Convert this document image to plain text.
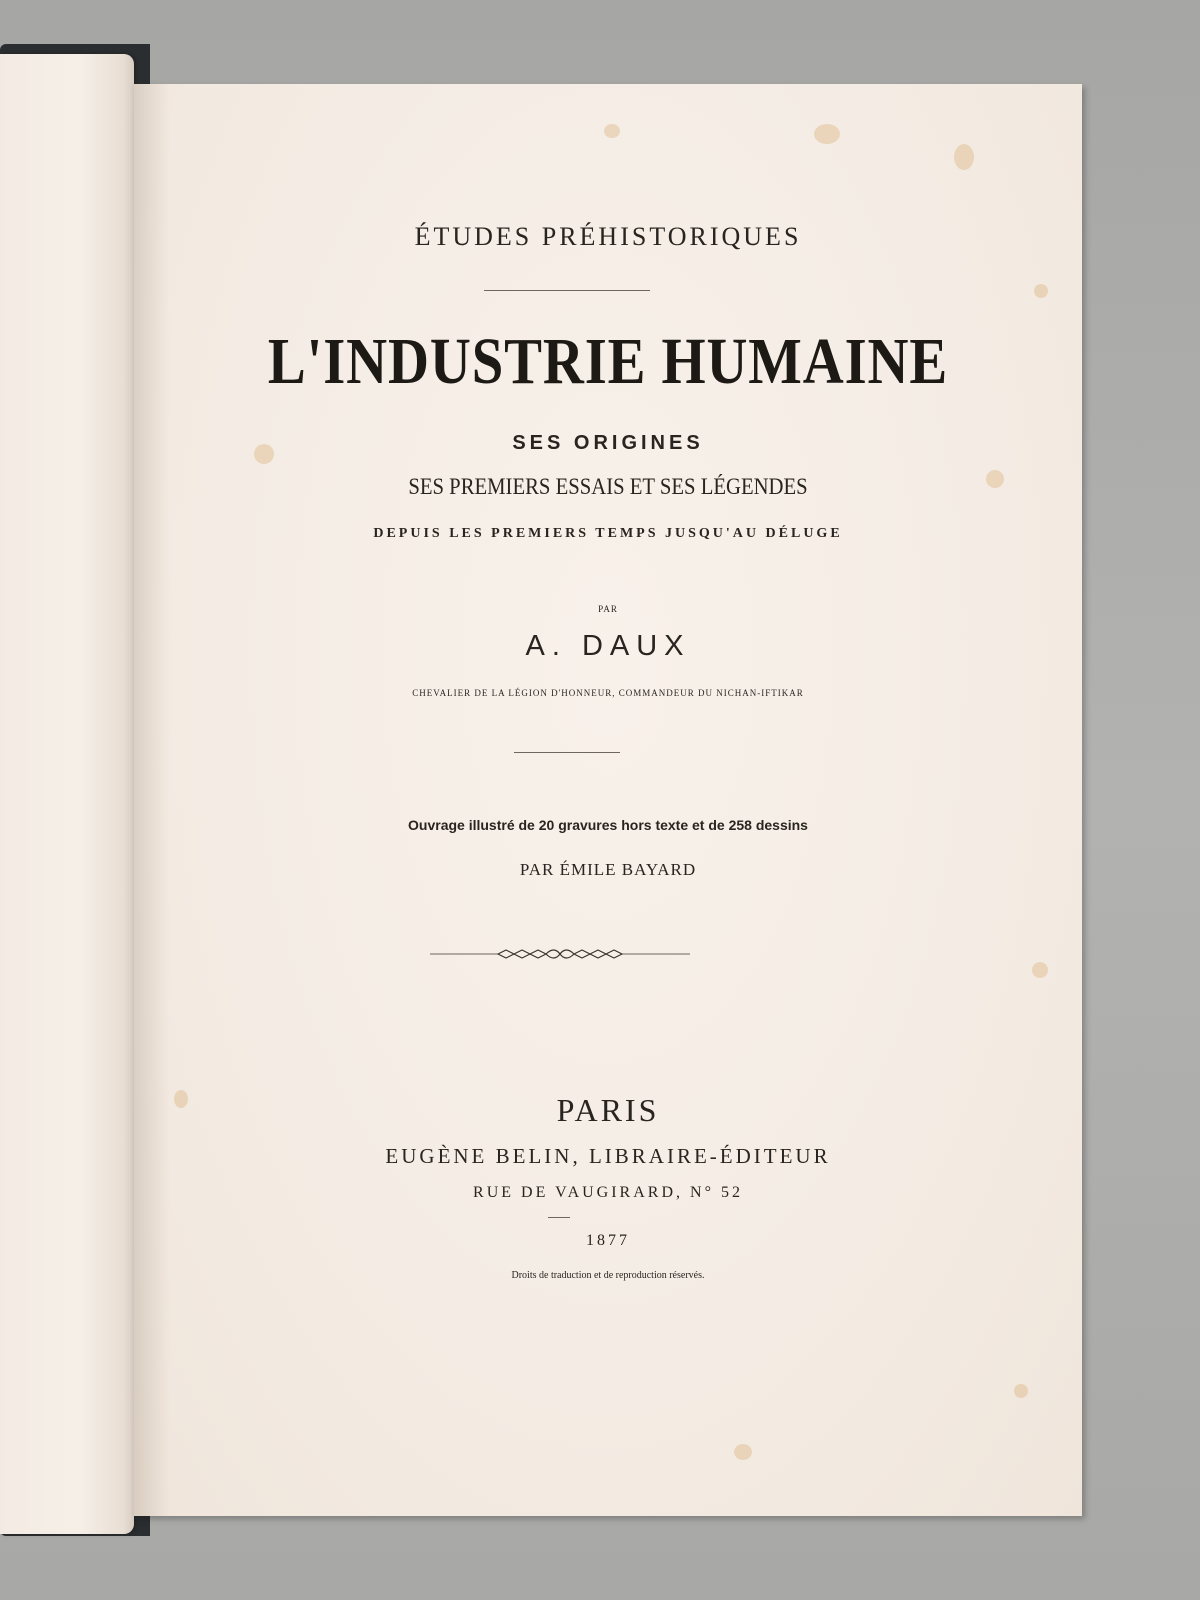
ÉTUDES PRÉHISTORIQUES
L'INDUSTRIE HUMAINE
SES ORIGINES
SES PREMIERS ESSAIS ET SES LÉGENDES
DEPUIS LES PREMIERS TEMPS JUSQU'AU DÉLUGE
PAR
A. DAUX
CHEVALIER DE LA LÉGION D'HONNEUR, COMMANDEUR DU NICHAN-IFTIKAR
Ouvrage illustré de 20 gravures hors texte et de 258 dessins
PAR ÉMILE BAYARD
PARIS
EUGÈNE BELIN, LIBRAIRE-ÉDITEUR
RUE DE VAUGIRARD, N° 52
1877
Droits de traduction et de reproduction réservés.
